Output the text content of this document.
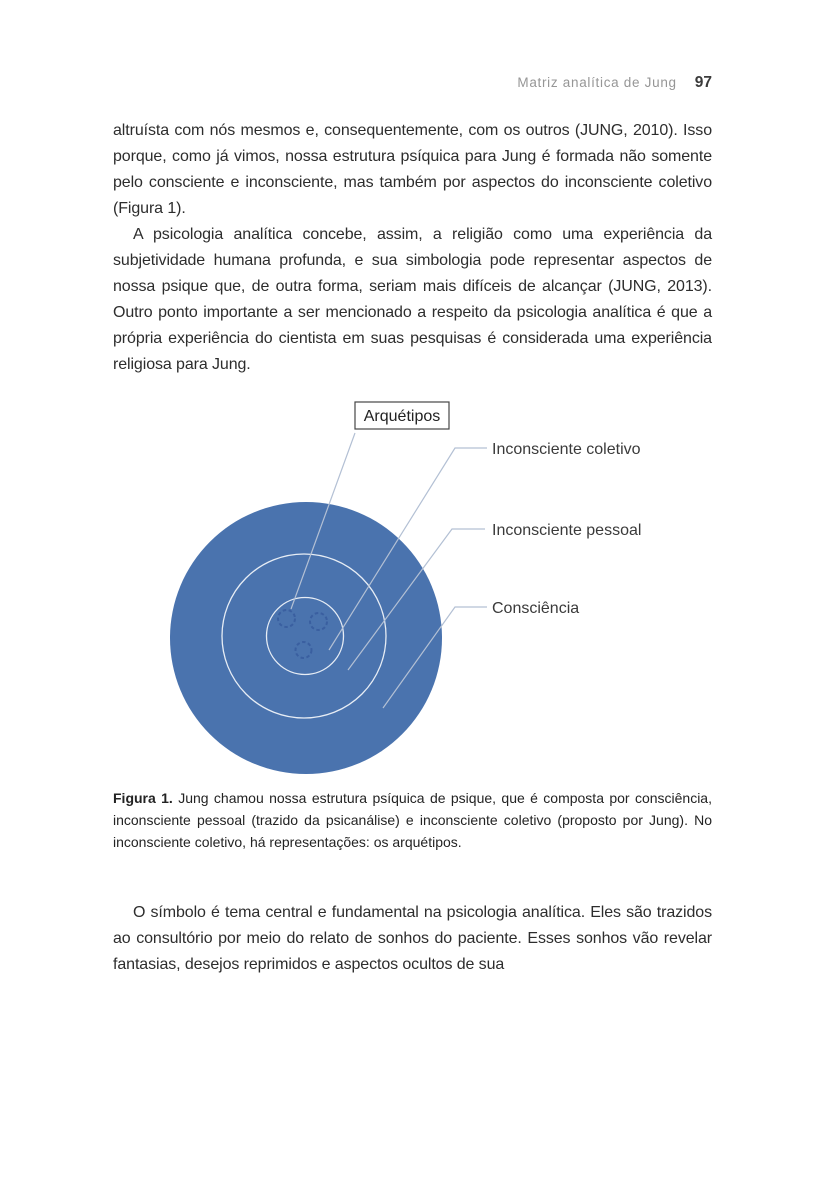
Matriz analítica de Jung 97

altruísta com nós mesmos e, consequentemente, com os outros (JUNG, 2010). Isso porque, como já vimos, nossa estrutura psíquica para Jung é formada não somente pelo consciente e inconsciente, mas também por aspectos do inconsciente coletivo (Figura 1).

A psicologia analítica concebe, assim, a religião como uma experiência da subjetividade humana profunda, e sua simbologia pode representar aspectos de nossa psique que, de outra forma, seriam mais difíceis de alcançar (JUNG, 2013). Outro ponto importante a ser mencionado a respeito da psicologia analítica é que a própria experiência do cientista em suas pesquisas é considerada uma experiência religiosa para Jung.

Arquétipos
Inconsciente coletivo
Inconsciente pessoal
Consciência

Figura 1. Jung chamou nossa estrutura psíquica de psique, que é composta por consciência, inconsciente pessoal (trazido da psicanálise) e inconsciente coletivo (proposto por Jung). No inconsciente coletivo, há representações: os arquétipos.

O símbolo é tema central e fundamental na psicologia analítica. Eles são trazidos ao consultório por meio do relato de sonhos do paciente. Esses sonhos vão revelar fantasias, desejos reprimidos e aspectos ocultos de sua
